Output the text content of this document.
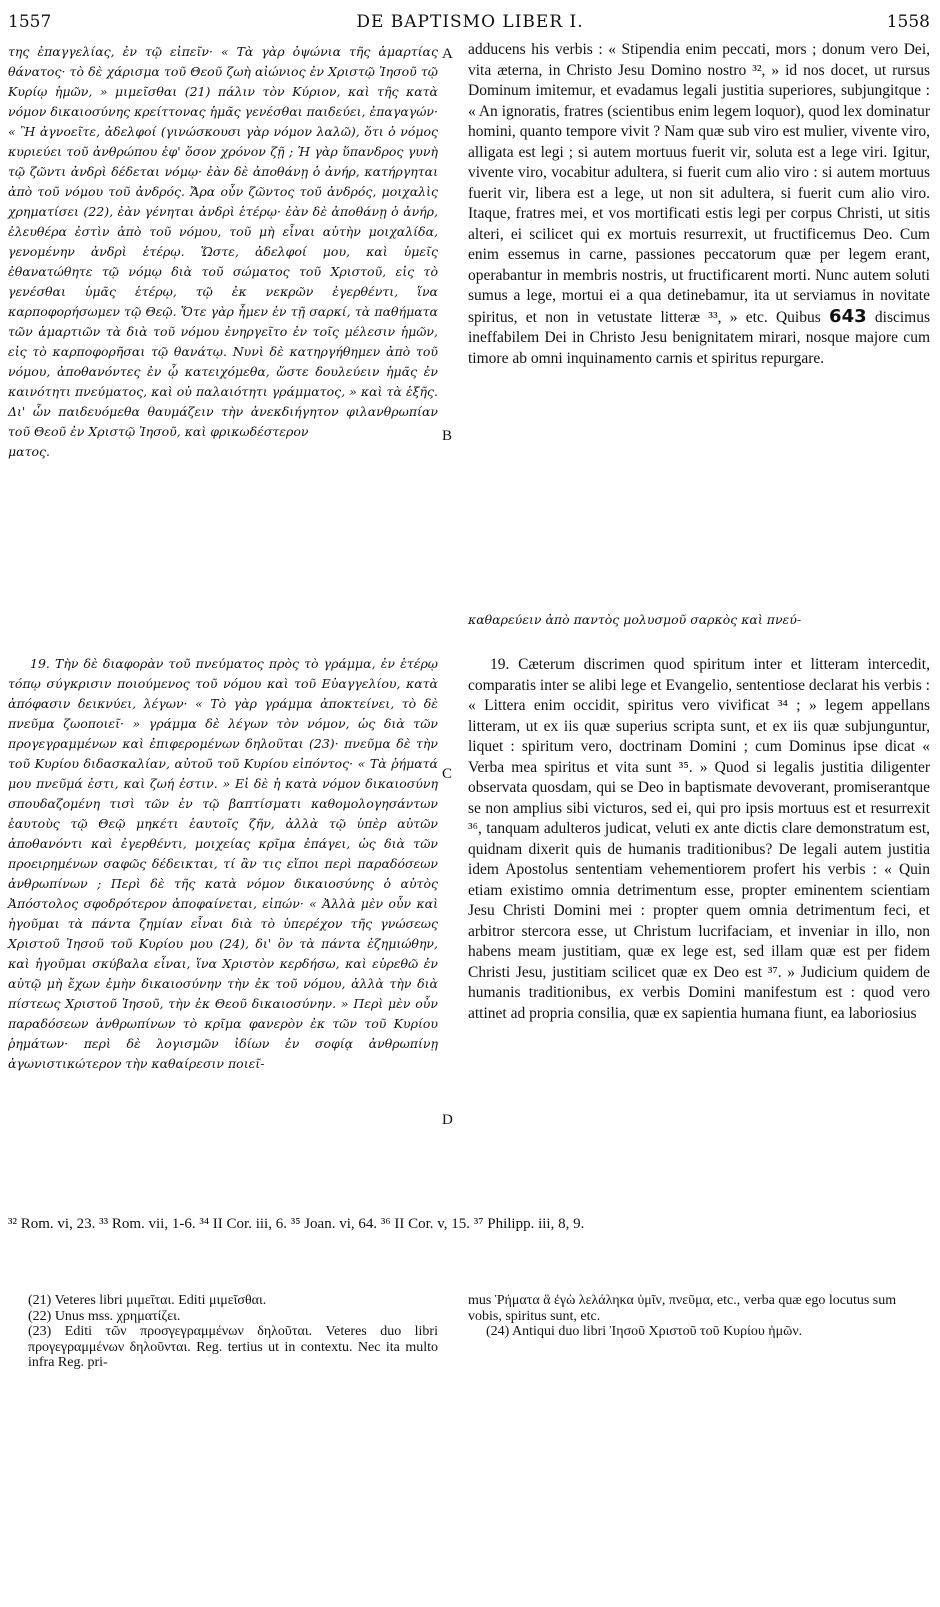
1557	DE BAPTISMO LIBER I.	1558
A
B
C
D

της ἐπαγγελίας, ἐν τῷ εἰπεῖν· « Τὰ γὰρ ὀψώνια τῆς ἁμαρτίας θάνατος· τὸ δὲ χάρισμα τοῦ Θεοῦ ζωὴ αἰώνιος ἐν Χριστῷ Ἰησοῦ τῷ Κυρίῳ ἡμῶν, » μιμεῖσθαι (21) πάλιν τὸν Κύριον, καὶ τῆς κατὰ νόμον δικαιοσύνης κρείττονας ἡμᾶς γενέσθαι παιδεύει, ἐπαγαγών· « Ἢ ἀγνοεῖτε, ἀδελφοί (γινώσκουσι γὰρ νόμον λαλῶ), ὅτι ὁ νόμος κυριεύει τοῦ ἀνθρώπου ἐφ' ὅσον χρόνον ζῇ ; Ἡ γὰρ ὕπανδρος γυνὴ τῷ ζῶντι ἀνδρὶ δέδεται νόμῳ· ἐὰν δὲ ἀποθάνῃ ὁ ἀνήρ, κατήργηται ἀπὸ τοῦ νόμου τοῦ ἀνδρός. Ἄρα οὖν ζῶντος τοῦ ἀνδρός, μοιχαλὶς χρηματίσει (22), ἐὰν γένηται ἀνδρὶ ἑτέρῳ· ἐὰν δὲ ἀποθάνῃ ὁ ἀνήρ, ἐλευθέρα ἐστὶν ἀπὸ τοῦ νόμου, τοῦ μὴ εἶναι αὐτὴν μοιχαλίδα, γενομένην ἀνδρὶ ἑτέρῳ. Ὥστε, ἀδελφοί μου, καὶ ὑμεῖς ἐθανατώθητε τῷ νόμῳ διὰ τοῦ σώματος τοῦ Χριστοῦ, εἰς τὸ γενέσθαι ὑμᾶς ἑτέρῳ, τῷ ἐκ νεκρῶν ἐγερθέντι, ἵνα καρποφορήσωμεν τῷ Θεῷ. Ὅτε γὰρ ἦμεν ἐν τῇ σαρκί, τὰ παθήματα τῶν ἁμαρτιῶν τὰ διὰ τοῦ νόμου ἐνηργεῖτο ἐν τοῖς μέλεσιν ἡμῶν, εἰς τὸ καρποφορῆσαι τῷ θανάτῳ. Νυνὶ δὲ κατηργήθημεν ἀπὸ τοῦ νόμου, ἀποθανόντες ἐν ᾧ κατειχόμεθα, ὥστε δουλεύειν ἡμᾶς ἐν καινότητι πνεύματος, καὶ οὐ παλαιότητι γράμματος, » καὶ τὰ ἑξῆς. Δι' ὧν παιδευόμεθα θαυμάζειν τὴν ἀνεκδιήγητον φιλανθρωπίαν τοῦ Θεοῦ ἐν Χριστῷ Ἰησοῦ, καὶ φρικωδέστερον

ματος.

adducens his verbis : « Stipendia enim peccati, mors ; donum vero Dei, vita æterna, in Christo Jesu Domino nostro ³², » id nos docet, ut rursus Dominum imitemur, et evadamus legali justitia superiores, subjungitque : « An ignoratis, fratres (scientibus enim legem loquor), quod lex dominatur homini, quanto tempore vivit ? Nam quæ sub viro est mulier, vivente viro, alligata est legi ; si autem mortuus fuerit vir, soluta est a lege viri. Igitur, vivente viro, vocabitur adultera, si fuerit cum alio viro : si autem mortuus fuerit vir, libera est a lege, ut non sit adultera, si fuerit cum alio viro. Itaque, fratres mei, et vos mortificati estis legi per corpus Christi, ut sitis alteri, ei scilicet qui ex mortuis resurrexit, ut fructificemus Deo. Cum enim essemus in carne, passiones peccatorum quæ per legem erant, operabantur in membris nostris, ut fructificarent morti. Nunc autem soluti sumus a lege, mortui ei a qua detinebamur, ita ut serviamus in novitate spiritus, et non in vetustate litteræ ³³, » etc. Quibus 643 discimus ineffabilem Dei in Christo Jesu benignitatem mirari, nosque majore cum timore ab omni inquinamento carnis et spiritus repurgare.
καθαρεύειν ἀπὸ παντὸς μολυσμοῦ σαρκὸς καὶ πνεύ-

19. Τὴν δὲ διαφορὰν τοῦ πνεύματος πρὸς τὸ γράμμα, ἐν ἑτέρῳ τόπῳ σύγκρισιν ποιούμενος τοῦ νόμου καὶ τοῦ Εὐαγγελίου, κατὰ ἀπόφασιν δεικνύει, λέγων· « Τὸ γὰρ γράμμα ἀποκτείνει, τὸ δὲ πνεῦμα ζωοποιεῖ· » γράμμα δὲ λέγων τὸν νόμον, ὡς διὰ τῶν προγεγραμμένων καὶ ἐπιφερομένων δηλοῦται (23)· πνεῦμα δὲ τὴν τοῦ Κυρίου διδασκαλίαν, αὐτοῦ τοῦ Κυρίου εἰπόντος· « Τὰ ῥήματά μου πνεῦμά ἐστι, καὶ ζωή ἐστιν. » Εἰ δὲ ἡ κατὰ νόμον δικαιοσύνη σπουδαζομένη τισὶ τῶν ἐν τῷ βαπτίσματι καθομολογησάντων ἑαυτοὺς τῷ Θεῷ μηκέτι ἑαυτοῖς ζῆν, ἀλλὰ τῷ ὑπὲρ αὐτῶν ἀποθανόντι καὶ ἐγερθέντι, μοιχείας κρῖμα ἐπάγει, ὡς διὰ τῶν προειρημένων σαφῶς δέδεικται, τί ἂν τις εἴποι περὶ παραδόσεων ἀνθρωπίνων ; Περὶ δὲ τῆς κατὰ νόμον δικαιοσύνης ὁ αὐτὸς Ἀπόστολος σφοδρότερον ἀποφαίνεται, εἰπών· « Ἀλλὰ μὲν οὖν καὶ ἡγοῦμαι τὰ πάντα ζημίαν εἶναι διὰ τὸ ὑπερέχον τῆς γνώσεως Χριστοῦ Ἰησοῦ τοῦ Κυρίου μου (24), δι' ὃν τὰ πάντα ἐζημιώθην, καὶ ἡγοῦμαι σκύβαλα εἶναι, ἵνα Χριστὸν κερδήσω, καὶ εὑρεθῶ ἐν αὐτῷ μὴ ἔχων ἐμὴν δικαιοσύνην τὴν ἐκ τοῦ νόμου, ἀλλὰ τὴν διὰ πίστεως Χριστοῦ Ἰησοῦ, τὴν ἐκ Θεοῦ δικαιοσύνην. » Περὶ μὲν οὖν παραδόσεων ἀνθρωπίνων τὸ κρῖμα φανερὸν ἐκ τῶν τοῦ Κυρίου ῥημάτων· περὶ δὲ λογισμῶν ἰδίων ἐν σοφίᾳ ἀνθρωπίνῃ ἀγωνιστικώτερον τὴν καθαίρεσιν ποιεῖ-

19. Cæterum discrimen quod spiritum inter et litteram intercedit, comparatis inter se alibi lege et Evangelio, sententiose declarat his verbis : « Littera enim occidit, spiritus vero vivificat ³⁴ ; » legem appellans litteram, ut ex iis quæ superius scripta sunt, et ex iis quæ subjunguntur, liquet : spiritum vero, doctrinam Domini ; cum Dominus ipse dicat « Verba mea spiritus et vita sunt ³⁵. » Quod si legalis justitia diligenter observata quosdam, qui se Deo in baptismate devoverant, promiserantque se non amplius sibi victuros, sed ei, qui pro ipsis mortuus est et resurrexit ³⁶, tanquam adulteros judicat, veluti ex ante dictis clare demonstratum est, quidnam dixerit quis de humanis traditionibus? De legali autem justitia idem Apostolus sententiam vehementiorem profert his verbis : « Quin etiam existimo omnia detrimentum esse, propter eminentem scientiam Jesu Christi Domini mei : propter quem omnia detrimentum feci, et arbitror stercora esse, ut Christum lucrifaciam, et inveniar in illo, non habens meam justitiam, quæ ex lege est, sed illam quæ est per fidem Christi Jesu, justitiam scilicet quæ ex Deo est ³⁷. » Judicium quidem de humanis traditionibus, ex verbis Domini manifestum est : quod vero attinet ad propria consilia, quæ ex sapientia humana fiunt, ea laboriosius

³² Rom. vi, 23. ³³ Rom. vii, 1-6. ³⁴ II Cor. iii, 6. ³⁵ Joan. vi, 64. ³⁶ II Cor. v, 15. ³⁷ Philipp. iii, 8, 9.
(21) Veteres libri μιμεῖται. Editi μιμεῖσθαι.
(22) Unus mss. χρηματίζει.
(23) Editi τῶν προσγεγραμμένων δηλοῦται. Veteres duo libri προγεγραμμένων δηλοῦνται. Reg. tertius ut in contextu. Nec ita multo infra Reg. pri-
mus Ῥήματα ἃ ἐγὼ λελάληκα ὑμῖν, πνεῦμα, etc., verba quæ ego locutus sum vobis, spiritus sunt, etc.
(24) Antiqui duo libri Ἰησοῦ Χριστοῦ τοῦ Κυρίου ἡμῶν.
